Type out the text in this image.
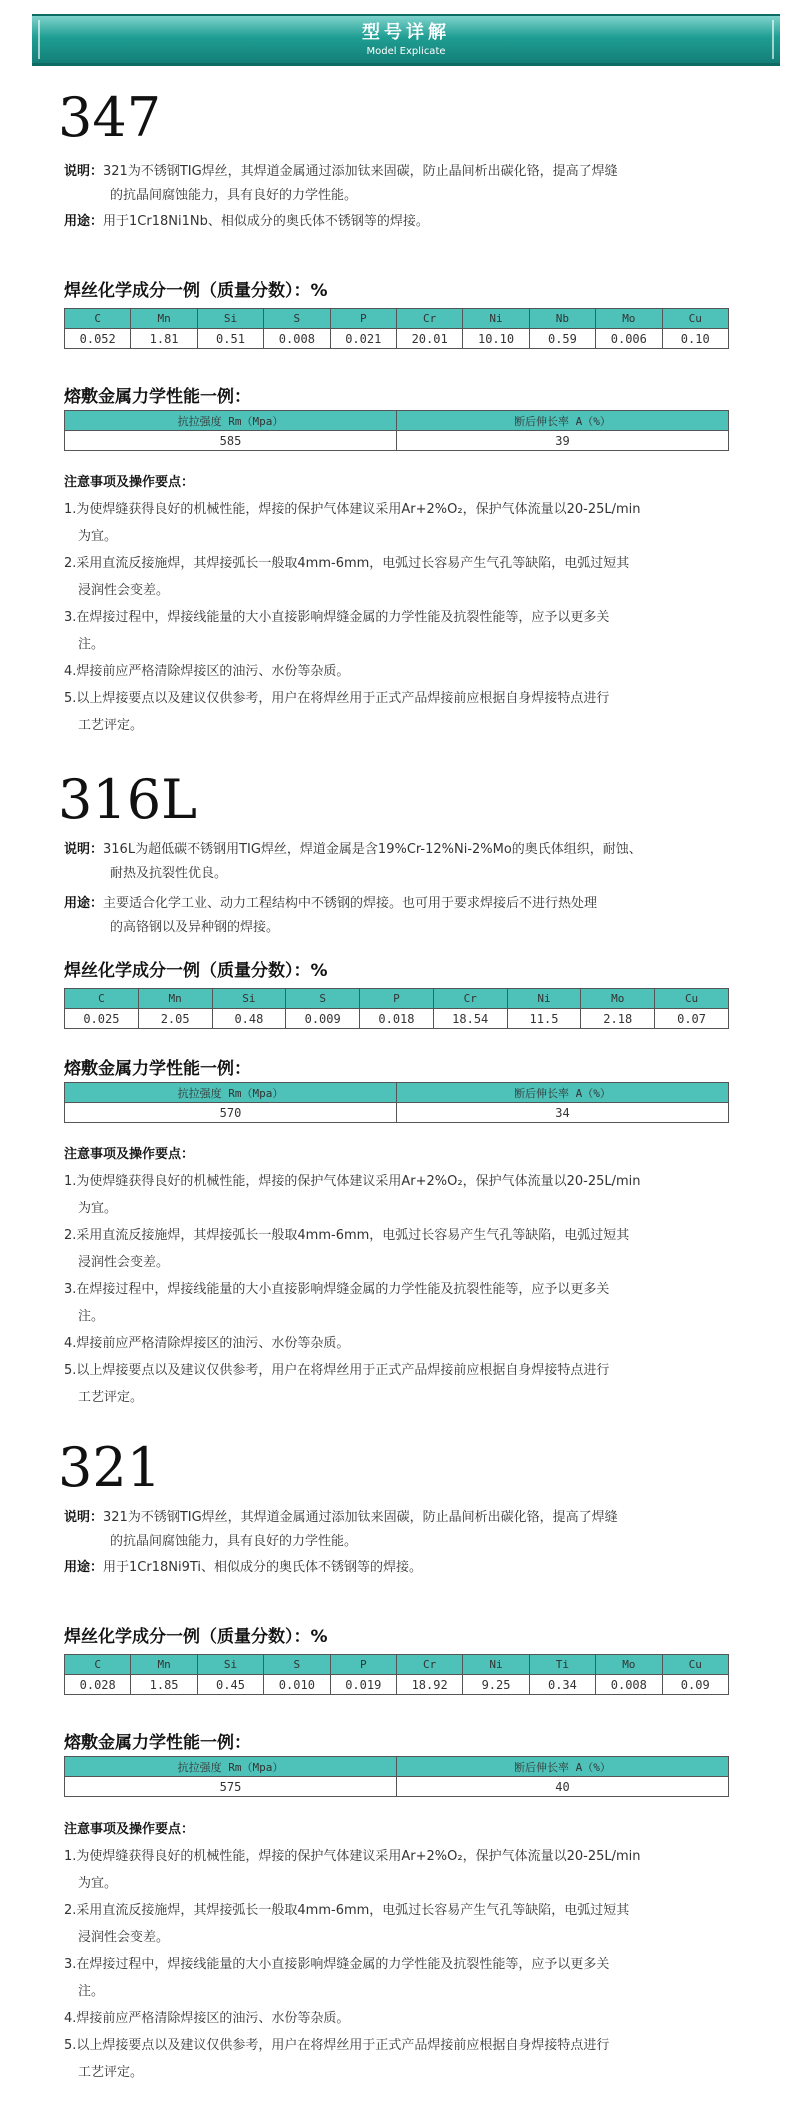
型号详解
Model Explicate
347
说明：321为不锈钢TIG焊丝，其焊道金属通过添加钛来固碳，防止晶间析出碳化铬，提高了焊缝
的抗晶间腐蚀能力，具有良好的力学性能。
用途：用于1Cr18Ni1Nb、相似成分的奥氏体不锈钢等的焊接。
焊丝化学成分一例（质量分数）：%
C	Mn	Si	S	P	Cr	Ni	Nb	Mo	Cu
0.052	1.81	0.51	0.008	0.021	20.01	10.10	0.59	0.006	0.10
熔敷金属力学性能一例：
抗拉强度 Rm（Mpa）	断后伸长率 A（%）
585	39
注意事项及操作要点：
1.为使焊缝获得良好的机械性能，焊接的保护气体建议采用Ar+2%O₂，保护气体流量以20-25L/min
为宜。
2.采用直流反接施焊，其焊接弧长一般取4mm-6mm，电弧过长容易产生气孔等缺陷，电弧过短其
浸润性会变差。
3.在焊接过程中，焊接线能量的大小直接影响焊缝金属的力学性能及抗裂性能等，应予以更多关
注。
4.焊接前应严格清除焊接区的油污、水份等杂质。
5.以上焊接要点以及建议仅供参考，用户在将焊丝用于正式产品焊接前应根据自身焊接特点进行
工艺评定。
316L
说明：316L为超低碳不锈钢用TIG焊丝，焊道金属是含19%Cr-12%Ni-2%Mo的奥氏体组织，耐蚀、
耐热及抗裂性优良。
用途：主要适合化学工业、动力工程结构中不锈钢的焊接。也可用于要求焊接后不进行热处理
的高铬钢以及异种钢的焊接。
焊丝化学成分一例（质量分数）：%
C	Mn	Si	S	P	Cr	Ni	Mo	Cu
0.025	2.05	0.48	0.009	0.018	18.54	11.5	2.18	0.07
熔敷金属力学性能一例：
抗拉强度 Rm（Mpa）	断后伸长率 A（%）
570	34
注意事项及操作要点：
1.为使焊缝获得良好的机械性能，焊接的保护气体建议采用Ar+2%O₂，保护气体流量以20-25L/min
为宜。
2.采用直流反接施焊，其焊接弧长一般取4mm-6mm，电弧过长容易产生气孔等缺陷，电弧过短其
浸润性会变差。
3.在焊接过程中，焊接线能量的大小直接影响焊缝金属的力学性能及抗裂性能等，应予以更多关
注。
4.焊接前应严格清除焊接区的油污、水份等杂质。
5.以上焊接要点以及建议仅供参考，用户在将焊丝用于正式产品焊接前应根据自身焊接特点进行
工艺评定。
321
说明：321为不锈钢TIG焊丝，其焊道金属通过添加钛来固碳，防止晶间析出碳化铬，提高了焊缝
的抗晶间腐蚀能力，具有良好的力学性能。
用途：用于1Cr18Ni9Ti、相似成分的奥氏体不锈钢等的焊接。
焊丝化学成分一例（质量分数）：%
C	Mn	Si	S	P	Cr	Ni	Ti	Mo	Cu
0.028	1.85	0.45	0.010	0.019	18.92	9.25	0.34	0.008	0.09
熔敷金属力学性能一例：
抗拉强度 Rm（Mpa）	断后伸长率 A（%）
575	40
注意事项及操作要点：
1.为使焊缝获得良好的机械性能，焊接的保护气体建议采用Ar+2%O₂，保护气体流量以20-25L/min
为宜。
2.采用直流反接施焊，其焊接弧长一般取4mm-6mm，电弧过长容易产生气孔等缺陷，电弧过短其
浸润性会变差。
3.在焊接过程中，焊接线能量的大小直接影响焊缝金属的力学性能及抗裂性能等，应予以更多关
注。
4.焊接前应严格清除焊接区的油污、水份等杂质。
5.以上焊接要点以及建议仅供参考，用户在将焊丝用于正式产品焊接前应根据自身焊接特点进行
工艺评定。
